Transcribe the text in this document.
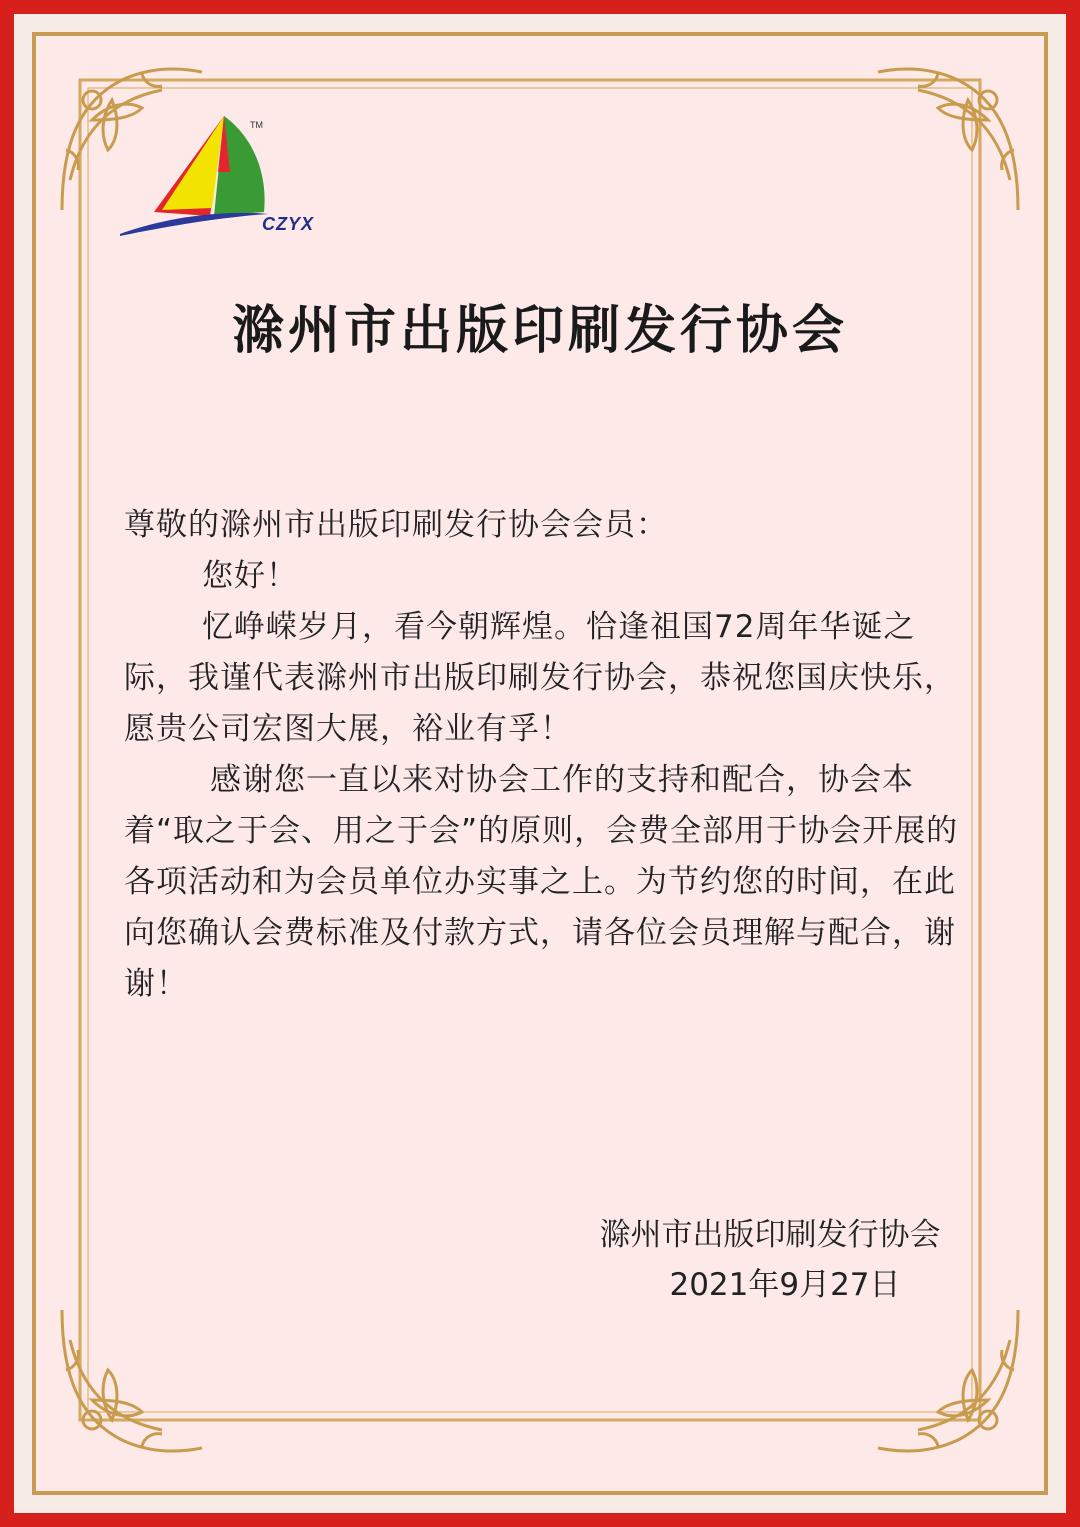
TM
CZYX
滁州市出版印刷发行协会

尊敬的滁州市出版印刷发行协会会员：

您好！

忆峥嵘岁月，看今朝辉煌。恰逢祖国72周年华诞之际，我谨代表滁州市出版印刷发行协会，恭祝您国庆快乐，愿贵公司宏图大展，裕业有孚！

感谢您一直以来对协会工作的支持和配合，协会本着“取之于会、用之于会”的原则，会费全部用于协会开展的各项活动和为会员单位办实事之上。为节约您的时间，在此向您确认会费标准及付款方式，请各位会员理解与配合，谢谢！

滁州市出版印刷发行协会
2021年9月27日
